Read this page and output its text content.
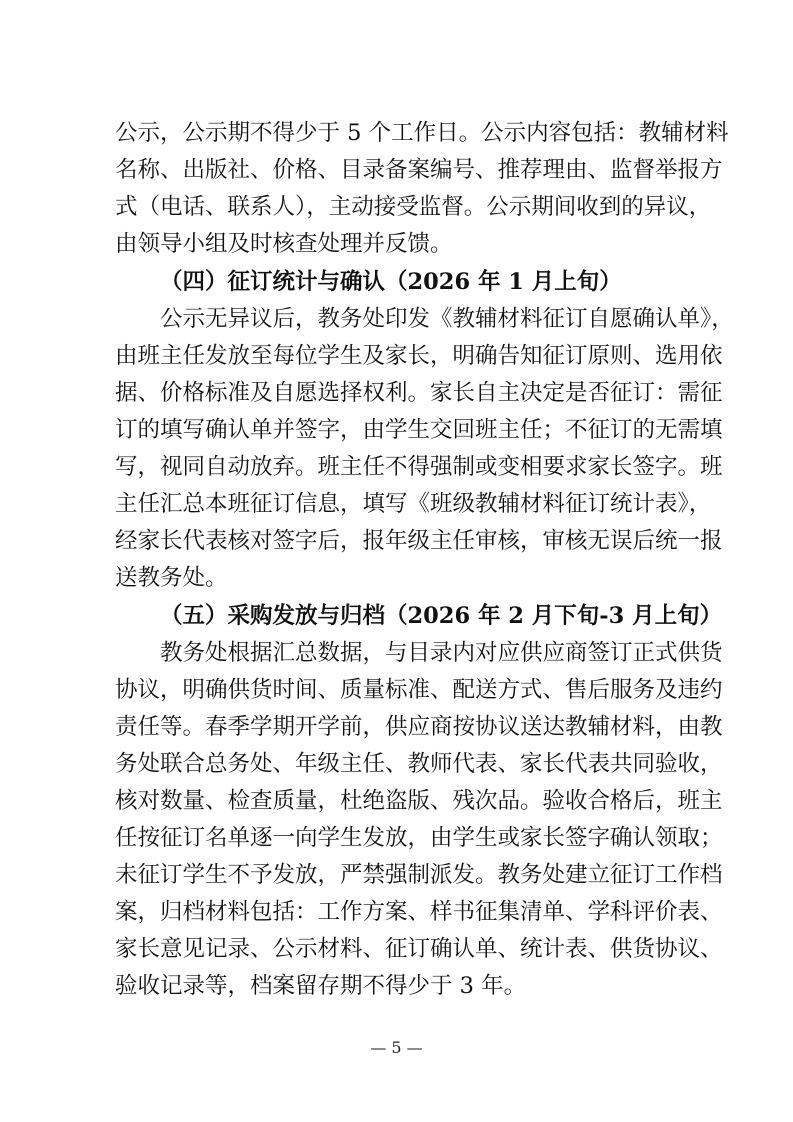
公示，公示期不得少于 5 个工作日。公示内容包括：教辅材料
名称、出版社、价格、目录备案编号、推荐理由、监督举报方
式（电话、联系人），主动接受监督。公示期间收到的异议，
由领导小组及时核查处理并反馈。
（四）征订统计与确认（2026 年 1 月上旬）
公示无异议后，教务处印发《教辅材料征订自愿确认单》，
由班主任发放至每位学生及家长，明确告知征订原则、选用依
据、价格标准及自愿选择权利。家长自主决定是否征订：需征
订的填写确认单并签字，由学生交回班主任；不征订的无需填
写，视同自动放弃。班主任不得强制或变相要求家长签字。班
主任汇总本班征订信息，填写《班级教辅材料征订统计表》，
经家长代表核对签字后，报年级主任审核，审核无误后统一报
送教务处。
（五）采购发放与归档（2026 年 2 月下旬-3 月上旬）
教务处根据汇总数据，与目录内对应供应商签订正式供货
协议，明确供货时间、质量标准、配送方式、售后服务及违约
责任等。春季学期开学前，供应商按协议送达教辅材料，由教
务处联合总务处、年级主任、教师代表、家长代表共同验收，
核对数量、检查质量，杜绝盗版、残次品。验收合格后，班主
任按征订名单逐一向学生发放，由学生或家长签字确认领取；
未征订学生不予发放，严禁强制派发。教务处建立征订工作档
案，归档材料包括：工作方案、样书征集清单、学科评价表、
家长意见记录、公示材料、征订确认单、统计表、供货协议、
验收记录等，档案留存期不得少于 3 年。
— 5 —
